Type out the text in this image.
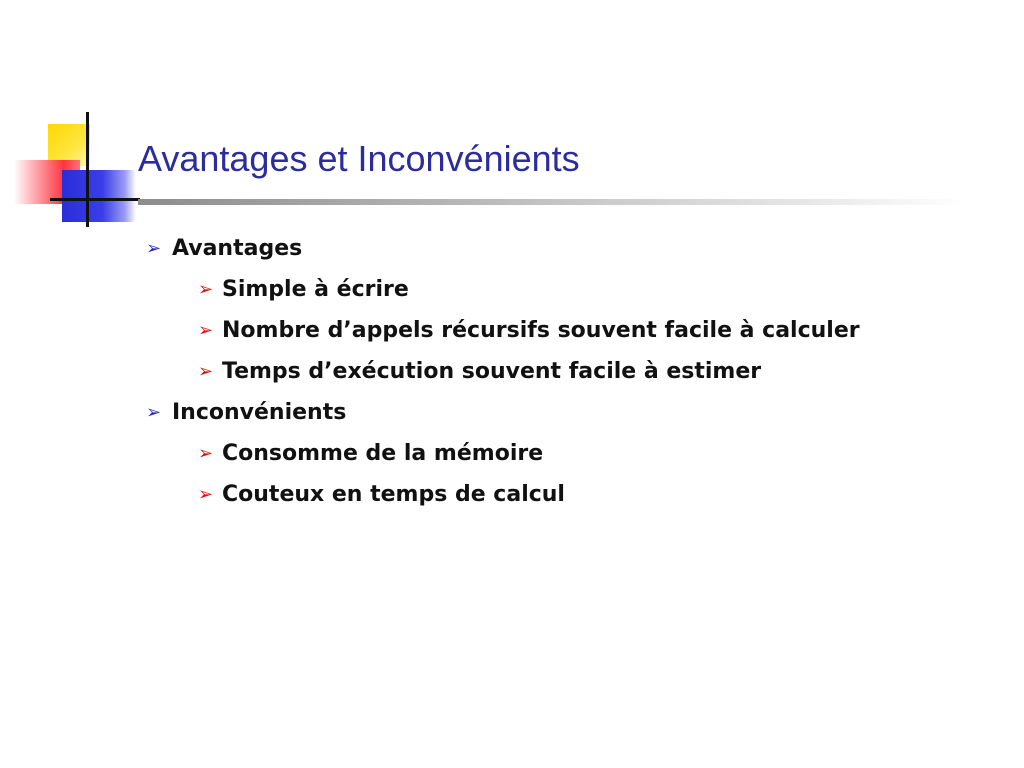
Avantages et Inconvénients
➢ Avantages
➢ Simple à écrire
➢ Nombre d’appels récursifs souvent facile à calculer
➢ Temps d’exécution souvent facile à estimer
➢ Inconvénients
➢ Consomme de la mémoire
➢ Couteux en temps de calcul
